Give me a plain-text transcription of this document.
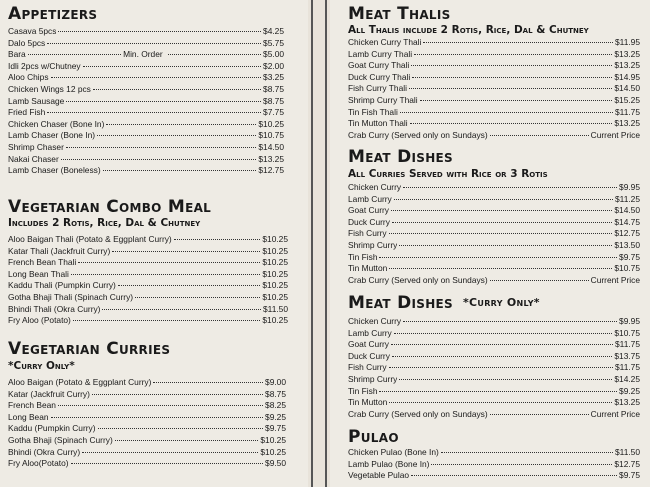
Appetizers
Casava 5pcs	$4.25
Dalo 5pcs	$5.75
Bara	Min. Order	$5.00
Idli 2pcs w/Chutney	$2.00
Aloo Chips	$3.25
Chicken Wings 12 pcs	$8.75
Lamb Sausage	$8.75
Fried Fish	$7.75
Chicken Chaser (Bone In)	$10.25
Lamb Chaser (Bone In)	$10.75
Shrimp Chaser	$14.50
Nakai Chaser	$13.25
Lamb Chaser (Boneless)	$12.75
Vegetarian Combo Meal
Includes 2 Rotis, Rice, Dal & Chutney
Aloo Baigan Thali (Potato & Eggplant Curry)	$10.25
Katar Thali (Jackfruit Curry)	$10.25
French Bean Thali	$10.25
Long Bean Thali	$10.25
Kaddu Thali (Pumpkin Curry)	$10.25
Gotha Bhaji Thali (Spinach Curry)	$10.25
Bhindi Thali (Okra Curry)	$11.50
Fry Aloo (Potato)	$10.25
Vegetarian Curries
*Curry Only*
Aloo Baigan (Potato & Eggplant Curry)	$9.00
Katar (Jackfruit Curry)	$8.75
French Bean	$8.25
Long Bean	$9.25
Kaddu (Pumpkin Curry)	$9.75
Gotha Bhaji (Spinach Curry)	$10.25
Bhindi (Okra Curry)	$10.25
Fry Aloo(Potato)	$9.50
Meat Thalis
All Thalis include 2 Rotis, Rice, Dal & Chutney
Chicken Curry Thali	$11.95
Lamb Curry Thali	$13.25
Goat Curry Thali	$13.25
Duck Curry Thali	$14.95
Fish Curry Thali	$14.50
Shrimp Curry Thali	$15.25
Tin Fish Thali	$11.75
Tin Mutton Thali	$13.25
Crab Curry (Served only on Sundays)	Current Price
Meat Dishes
All Curries Served with Rice or 3 Rotis
Chicken Curry	$9.95
Lamb Curry	$11.25
Goat Curry	$14.50
Duck Curry	$14.75
Fish Curry	$12.75
Shrimp Curry	$13.50
Tin Fish	$9.75
Tin Mutton	$10.75
Crab Curry (Served only on Sundays)	Current Price
Meat Dishes *Curry Only*
Chicken Curry	$9.95
Lamb Curry	$10.75
Goat Curry	$11.75
Duck Curry	$13.75
Fish Curry	$11.75
Shrimp Curry	$14.25
Tin Fish	$9.25
Tin Mutton	$13.25
Crab Curry (Served only on Sundays)	Current Price
Pulao
Chicken Pulao (Bone In)	$11.50
Lamb Pulao (Bone In)	$12.75
Vegetable Pulao	$9.75
